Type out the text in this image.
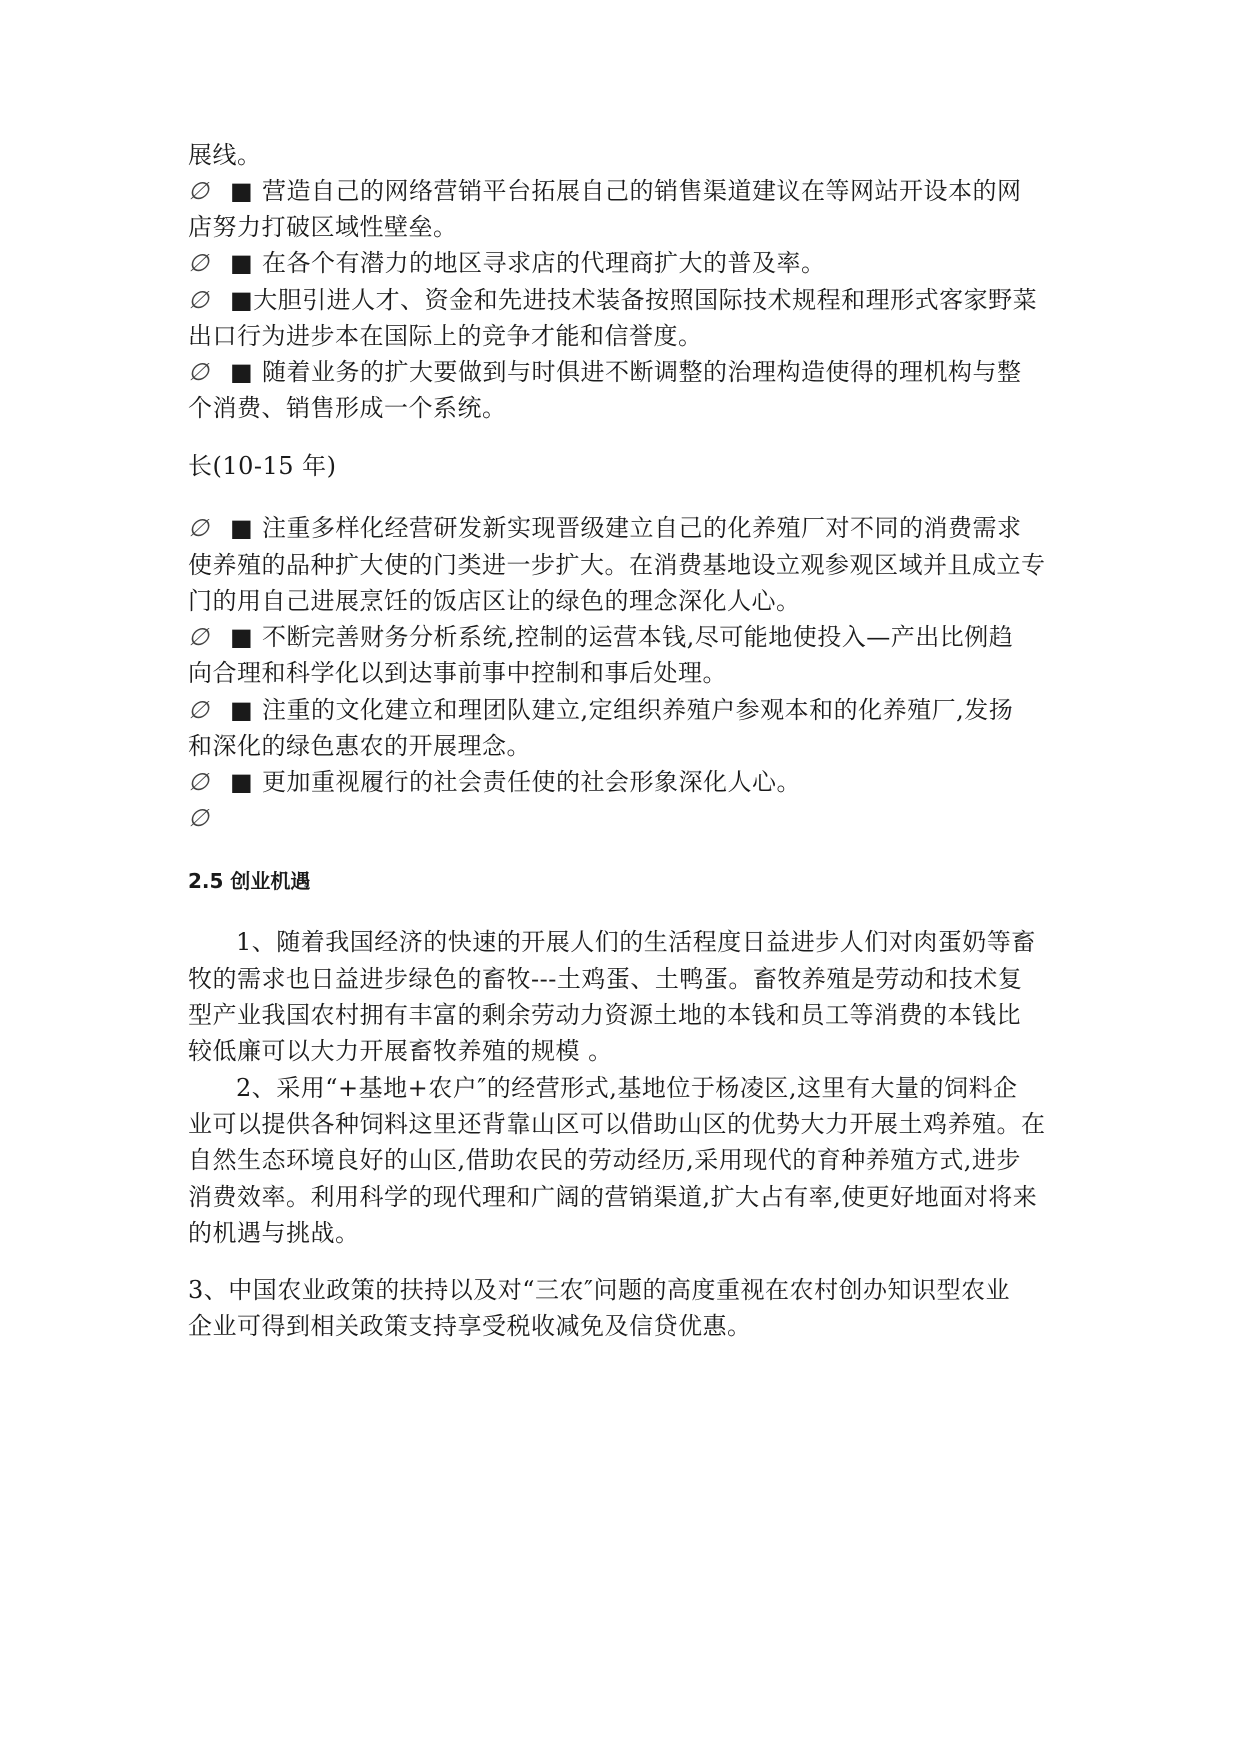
展线。
∅ ■ 营造自己的网络营销平台拓展自己的销售渠道建议在等网站开设本的网
店努力打破区域性壁垒。
∅ ■ 在各个有潜力的地区寻求店的代理商扩大的普及率。
∅ ■大胆引进人才、资金和先进技术装备按照国际技术规程和理形式客家野菜
出口行为进步本在国际上的竞争才能和信誉度。
∅ ■ 随着业务的扩大要做到与时俱进不断调整的治理构造使得的理机构与整
个消费、销售形成一个系统。
长(10-15 年)
∅ ■ 注重多样化经营研发新实现晋级建立自己的化养殖厂对不同的消费需求
使养殖的品种扩大使的门类进一步扩大。在消费基地设立观参观区域并且成立专
门的用自己进展烹饪的饭店区让的绿色的理念深化人心。
∅ ■ 不断完善财务分析系统,控制的运营本钱,尽可能地使投入—产出比例趋
向合理和科学化以到达事前事中控制和事后处理。
∅ ■ 注重的文化建立和理团队建立,定组织养殖户参观本和的化养殖厂,发扬
和深化的绿色惠农的开展理念。
∅ ■ 更加重视履行的社会责任使的社会形象深化人心。
∅
2.5 创业机遇
1、随着我国经济的快速的开展人们的生活程度日益进步人们对肉蛋奶等畜
牧的需求也日益进步绿色的畜牧---土鸡蛋、土鸭蛋。畜牧养殖是劳动和技术复
型产业我国农村拥有丰富的剩余劳动力资源土地的本钱和员工等消费的本钱比
较低廉可以大力开展畜牧养殖的规模 。
2、采用“+基地+农户″的经营形式,基地位于杨凌区,这里有大量的饲料企
业可以提供各种饲料这里还背靠山区可以借助山区的优势大力开展土鸡养殖。在
自然生态环境良好的山区,借助农民的劳动经历,采用现代的育种养殖方式,进步
消费效率。利用科学的现代理和广阔的营销渠道,扩大占有率,使更好地面对将来
的机遇与挑战。
3、中国农业政策的扶持以及对“三农″问题的高度重视在农村创办知识型农业
企业可得到相关政策支持享受税收减免及信贷优惠。
